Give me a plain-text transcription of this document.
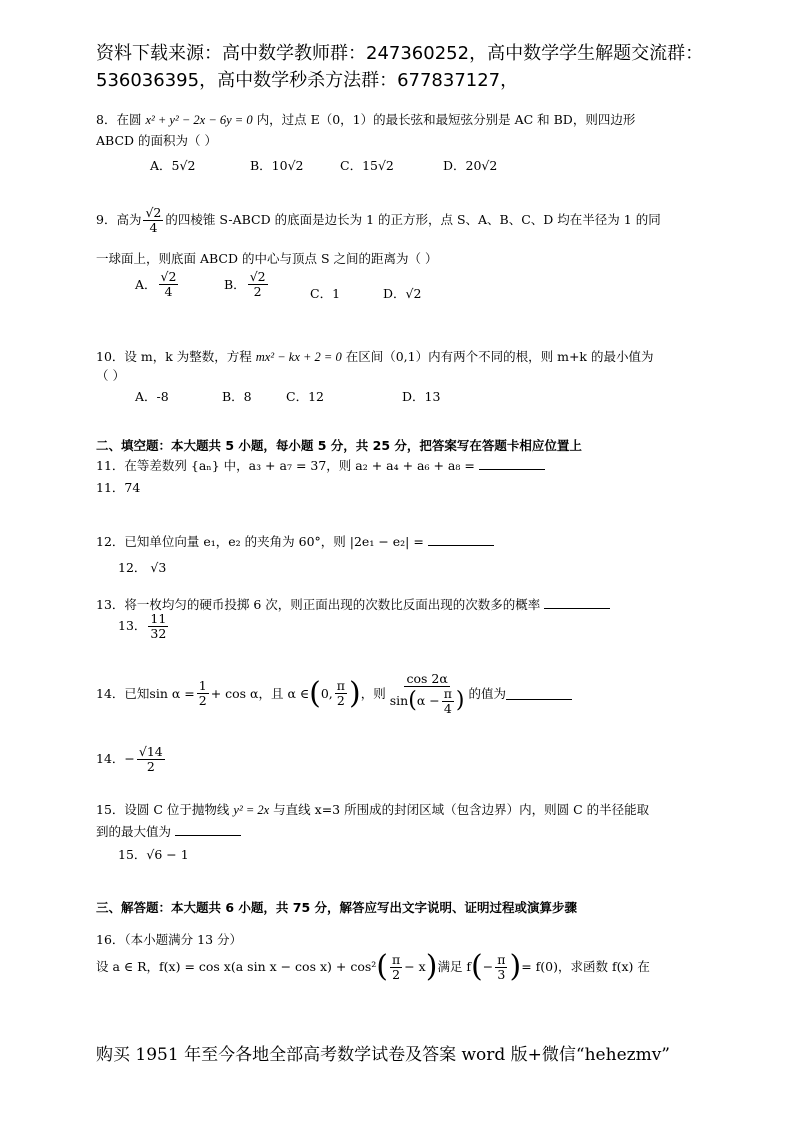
资料下载来源：高中数学教师群：247360252，高中数学学生解题交流群：
536036395，高中数学秒杀方法群：677837127，
8．在圆 x² + y² − 2x − 6y = 0 内，过点 E（0，1）的最长弦和最短弦分别是 AC 和 BD，则四边形
ABCD 的面积为（ ）
A．5√2	B．10√2	C．15√2	D．20√2
9．高为 $\frac{√2}{4}$ 的四棱锥 S-ABCD 的底面是边长为 1 的正方形，点 S、A、B、C、D 均在半径为 1 的同
一球面上，则底面 ABCD 的中心与顶点 S 之间的距离为（ ）
A． $\frac{√2}{4}$	B． $\frac{√2}{2}$	C．1	D．√2
10．设 m，k 为整数，方程 mx² − kx + 2 = 0 在区间（0,1）内有两个不同的根，则 m+k 的最小值为
（ ）
A．-8	B．8	C．12	D．13
二、填空题：本大题共 5 小题，每小题 5 分，共 25 分，把答案写在答题卡相应位置上
11．在等差数列 {aₙ} 中，a₃ + a₇ = 37，则 a₂ + a₄ + a₆ + a₈ =
11．74
12．已知单位向量 e₁，e₂ 的夹角为 60°，则 |2e₁ − e₂| =
12． √3
13．将一枚均匀的硬币投掷 6 次，则正面出现的次数比反面出现的次数多的概率
13． $\frac{11}{32}$
14．已知 $\sin \alpha = \frac{1}{2} + \cos \alpha$，且 α ∈ ( 0, $\frac{\pi}{2}$ ) ，则
cos 2α
sin ( $\alpha - \frac{\pi}{4}$ ) 的值为
14． − $\frac{√14}{2}$
15．设圆 C 位于抛物线 y² = 2x 与直线 x=3 所围成的封闭区域（包含边界）内，则圆 C 的半径能取
到的最大值为
15．√6 − 1
三、解答题：本大题共 6 小题，共 75 分，解答应写出文字说明、证明过程或演算步骤
16．（本小题满分 13 分）
设 a ∈ R，f(x) = cos x(a sin x − cos x) + cos² ( $\frac{\pi}{2} - x$ ) 满足 f ( − $\frac{\pi}{3}$ ) = f(0)，求函数 f(x) 在
购买 1951 年至今各地全部高考数学试卷及答案 word 版+微信“hehezmv”
